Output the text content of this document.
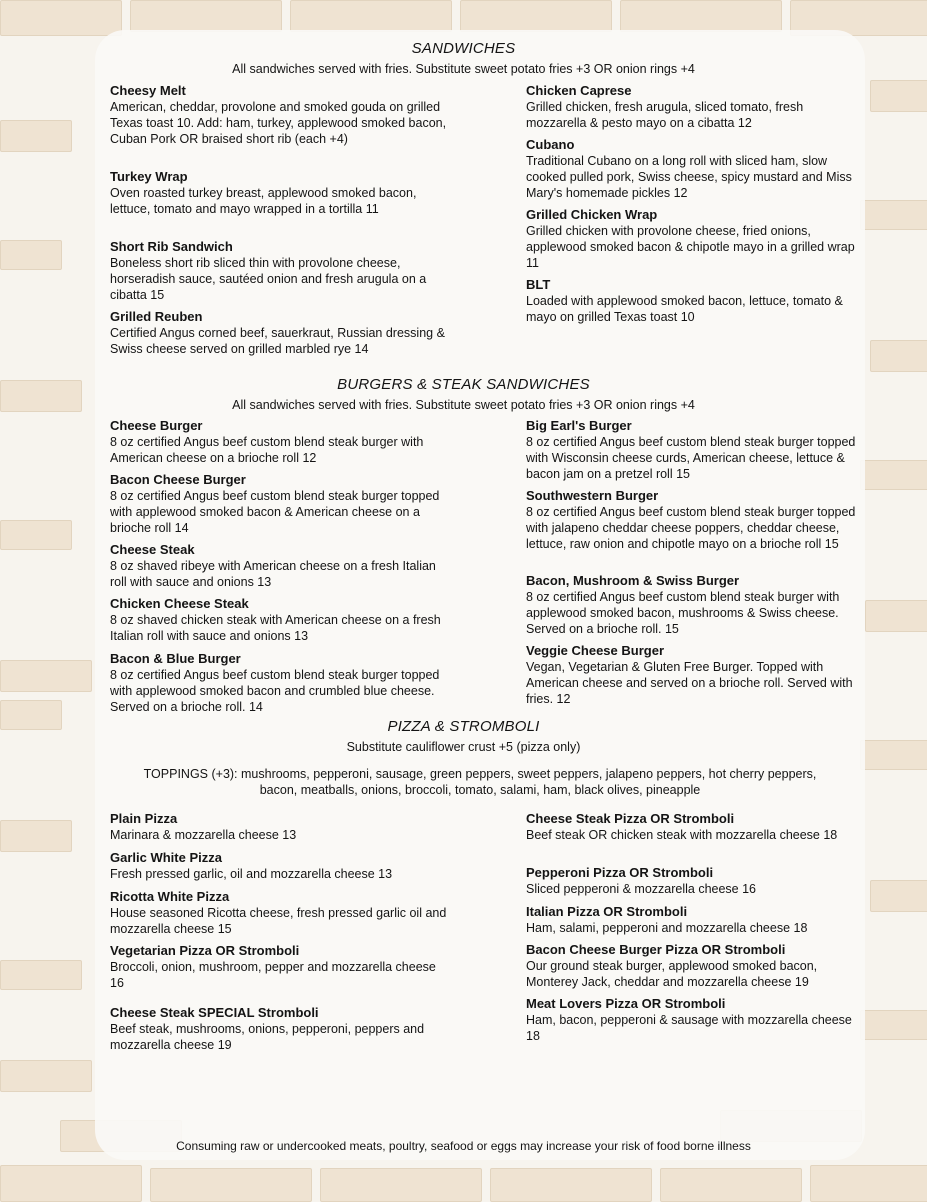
SANDWICHES
All sandwiches served with fries. Substitute sweet potato fries +3 OR onion rings +4
Cheesy Melt
American, cheddar, provolone and smoked gouda on grilled Texas toast 10. Add: ham, turkey, applewood smoked bacon, Cuban Pork OR braised short rib (each +4)
Turkey Wrap
Oven roasted turkey breast, applewood smoked bacon, lettuce, tomato and mayo wrapped in a tortilla 11
Short Rib Sandwich
Boneless short rib sliced thin with provolone cheese, horseradish sauce, sautéed onion and fresh arugula on a cibatta 15
Grilled Reuben
Certified Angus corned beef, sauerkraut, Russian dressing & Swiss cheese served on grilled marbled rye 14
Chicken Caprese
Grilled chicken, fresh arugula, sliced tomato, fresh mozzarella & pesto mayo on a cibatta 12
Cubano
Traditional Cubano on a long roll with sliced ham, slow cooked pulled pork, Swiss cheese, spicy mustard and Miss Mary's homemade pickles 12
Grilled Chicken Wrap
Grilled chicken with provolone cheese, fried onions, applewood smoked bacon & chipotle mayo in a grilled wrap 11
BLT
Loaded with applewood smoked bacon, lettuce, tomato & mayo on grilled Texas toast 10
BURGERS & STEAK SANDWICHES
All sandwiches served with fries. Substitute sweet potato fries +3 OR onion rings +4
Cheese Burger
8 oz certified Angus beef custom blend steak burger with American cheese on a brioche roll 12
Bacon Cheese Burger
8 oz certified Angus beef custom blend steak burger topped with applewood smoked bacon & American cheese on a brioche roll 14
Cheese Steak
8 oz shaved ribeye with American cheese on a fresh Italian roll with sauce and onions 13
Chicken Cheese Steak
8 oz shaved chicken steak with American cheese on a fresh Italian roll with sauce and onions 13
Bacon & Blue Burger
8 oz certified Angus beef custom blend steak burger topped with applewood smoked bacon and crumbled blue cheese. Served on a brioche roll. 14
Big Earl's Burger
8 oz certified Angus beef custom blend steak burger topped with Wisconsin cheese curds, American cheese, lettuce & bacon jam on a pretzel roll 15
Southwestern Burger
8 oz certified Angus beef custom blend steak burger topped with jalapeno cheddar cheese poppers, cheddar cheese, lettuce, raw onion and chipotle mayo on a brioche roll 15
Bacon, Mushroom & Swiss Burger
8 oz certified Angus beef custom blend steak burger with applewood smoked bacon, mushrooms & Swiss cheese. Served on a brioche roll. 15
Veggie Cheese Burger
Vegan, Vegetarian & Gluten Free Burger. Topped with American cheese and served on a brioche roll. Served with fries. 12
PIZZA & STROMBOLI
Substitute cauliflower crust +5 (pizza only)
TOPPINGS (+3): mushrooms, pepperoni, sausage, green peppers, sweet peppers, jalapeno peppers, hot cherry peppers,
bacon, meatballs, onions, broccoli, tomato, salami, ham, black olives, pineapple
Plain Pizza
Marinara & mozzarella cheese 13
Garlic White Pizza
Fresh pressed garlic, oil and mozzarella cheese 13
Ricotta White Pizza
House seasoned Ricotta cheese, fresh pressed garlic oil and mozzarella cheese 15
Vegetarian Pizza OR Stromboli
Broccoli, onion, mushroom, pepper and mozzarella cheese 16
Cheese Steak SPECIAL Stromboli
Beef steak, mushrooms, onions, pepperoni, peppers and mozzarella cheese 19
Cheese Steak Pizza OR Stromboli
Beef steak OR chicken steak with mozzarella cheese 18
Pepperoni Pizza OR Stromboli
Sliced pepperoni & mozzarella cheese 16
Italian Pizza OR Stromboli
Ham, salami, pepperoni and mozzarella cheese 18
Bacon Cheese Burger Pizza OR Stromboli
Our ground steak burger, applewood smoked bacon, Monterey Jack, cheddar and mozzarella cheese 19
Meat Lovers Pizza OR Stromboli
Ham, bacon, pepperoni & sausage with mozzarella cheese 18
Consuming raw or undercooked meats, poultry, seafood or eggs may increase your risk of food borne illness
